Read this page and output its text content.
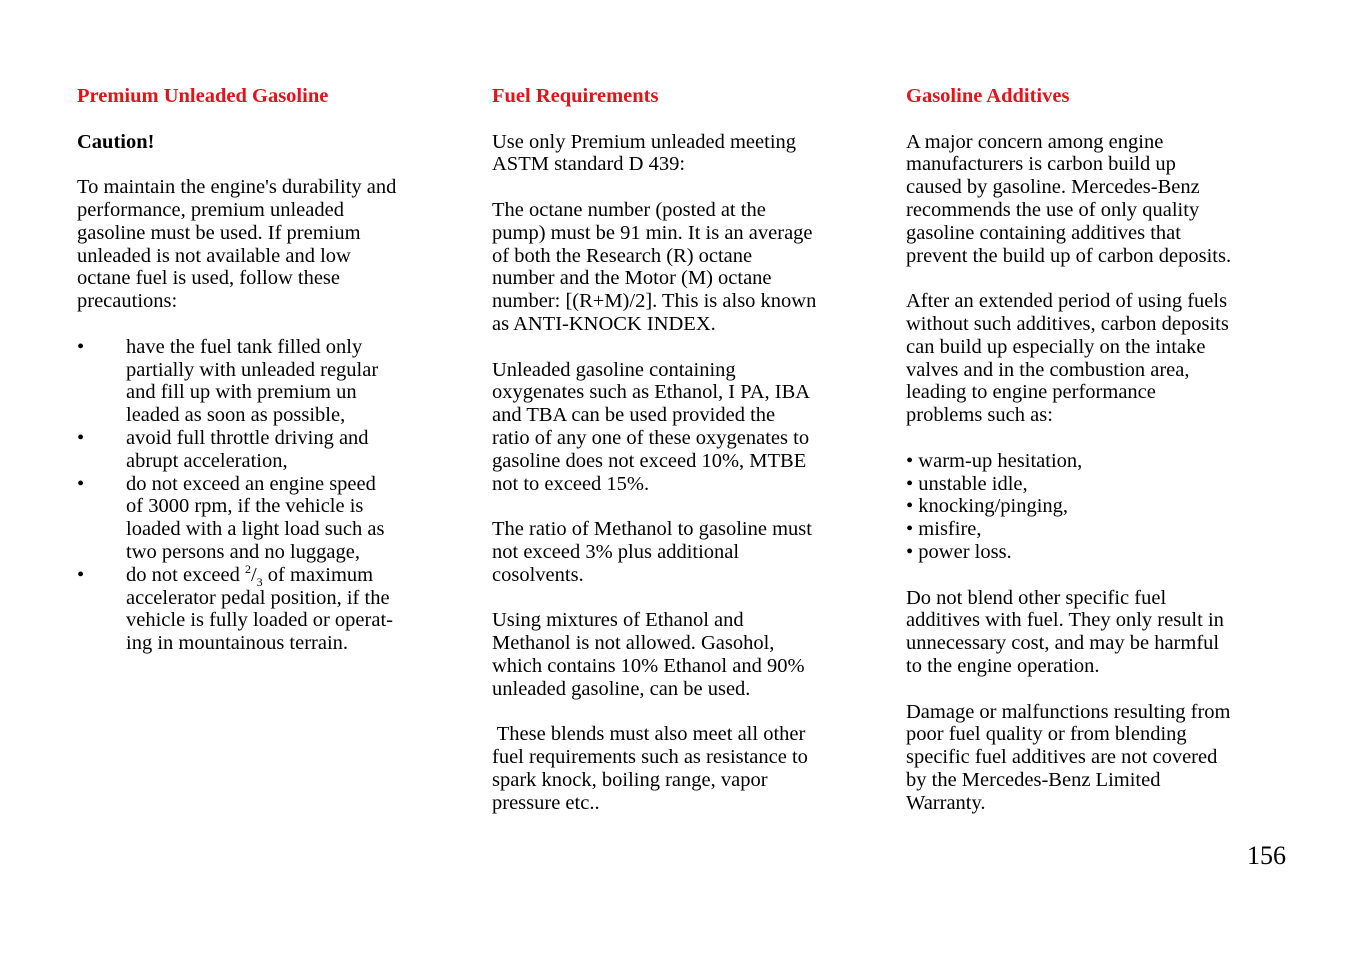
Premium Unleaded Gasoline
Caution!

To maintain the engine's durability and
performance, premium unleaded
gasoline must be used. If premium
unleaded is not available and low
octane fuel is used, follow these
precautions:

• have the fuel tank filled only
partially with unleaded regular
and fill up with premium un
leaded as soon as possible,
• avoid full throttle driving and
abrupt acceleration,
• do not exceed an engine speed
of 3000 rpm, if the vehicle is
loaded with a light load such as
two persons and no luggage,
• do not exceed $^2/_3$ of maximum
accelerator pedal position, if the
vehicle is fully loaded or operat-
ing in mountainous terrain.
Fuel Requirements

Use only Premium unleaded meeting
ASTM standard D 439:

The octane number (posted at the
pump) must be 91 min. It is an average
of both the Research (R) octane
number and the Motor (M) octane
number: [(R+M)/2]. This is also known
as ANTI-KNOCK INDEX.

Unleaded gasoline containing
oxygenates such as Ethanol, I PA, IBA
and TBA can be used provided the
ratio of any one of these oxygenates to
gasoline does not exceed 10%, MTBE
not to exceed 15%.

The ratio of Methanol to gasoline must
not exceed 3% plus additional
cosolvents.

Using mixtures of Ethanol and
Methanol is not allowed. Gasohol,
which contains 10% Ethanol and 90%
unleaded gasoline, can be used.

These blends must also meet all other
fuel requirements such as resistance to
spark knock, boiling range, vapor
pressure etc..

Gasoline Additives

A major concern among engine
manufacturers is carbon build up
caused by gasoline. Mercedes-Benz
recommends the use of only quality
gasoline containing additives that
prevent the build up of carbon deposits.

After an extended period of using fuels
without such additives, carbon deposits
can build up especially on the intake
valves and in the combustion area,
leading to engine performance
problems such as:

• warm-up hesitation,
• unstable idle,
• knocking/pinging,
• misfire,
• power loss.

Do not blend other specific fuel
additives with fuel. They only result in
unnecessary cost, and may be harmful
to the engine operation.

Damage or malfunctions resulting from
poor fuel quality or from blending
specific fuel additives are not covered
by the Mercedes-Benz Limited
Warranty.

156
